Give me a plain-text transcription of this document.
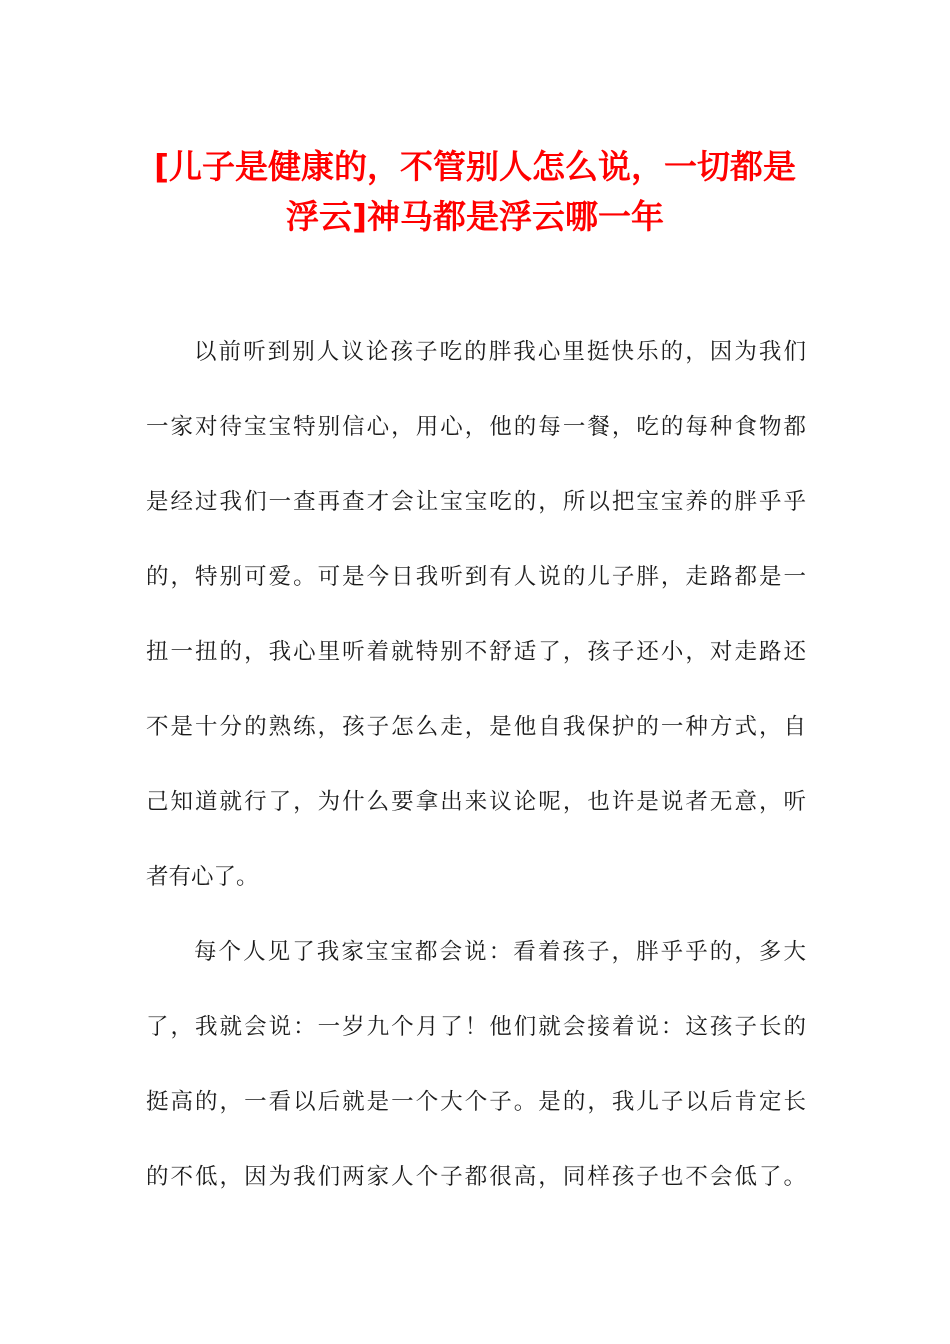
[儿子是健康的，不管别人怎么说，一切都是
浮云]神马都是浮云哪一年
以前听到别人议论孩子吃的胖我心里挺快乐的，因为我们
一家对待宝宝特别信心，用心，他的每一餐，吃的每种食物都
是经过我们一查再查才会让宝宝吃的，所以把宝宝养的胖乎乎
的，特别可爱。可是今日我听到有人说的儿子胖，走路都是一
扭一扭的，我心里听着就特别不舒适了，孩子还小，对走路还
不是十分的熟练，孩子怎么走，是他自我保护的一种方式，自
己知道就行了，为什么要拿出来议论呢，也许是说者无意，听
者有心了。
每个人见了我家宝宝都会说：看着孩子，胖乎乎的，多大
了，我就会说：一岁九个月了！他们就会接着说：这孩子长的
挺高的，一看以后就是一个大个子。是的，我儿子以后肯定长
的不低，因为我们两家人个子都很高，同样孩子也不会低了。
